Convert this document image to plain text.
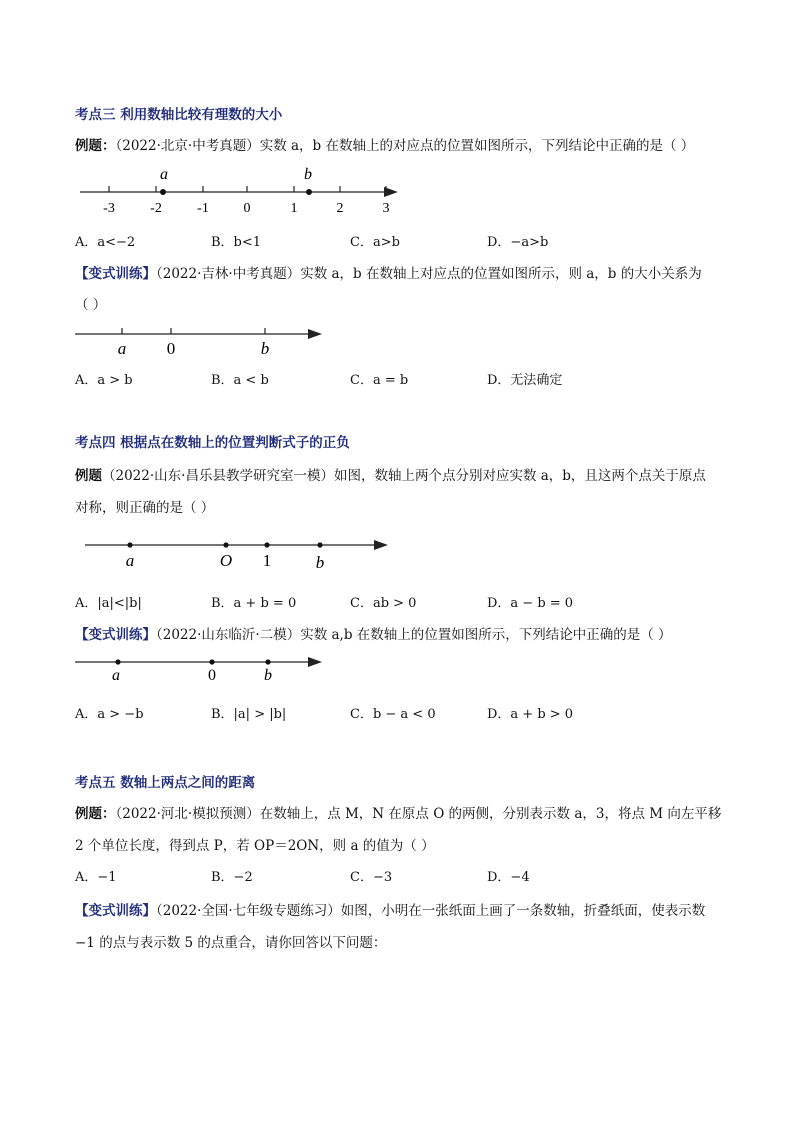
考点三 利用数轴比较有理数的大小
例题：（2022·北京·中考真题）实数 a，b 在数轴上的对应点的位置如图所示，下列结论中正确的是（ ）
a	b
-3	-2	-1 0	1	2	3
A．a<−2	B．b<1	C．a>b	D．−a>b
【变式训练】（2022·吉林·中考真题）实数 a，b 在数轴上对应点的位置如图所示，则 a，b 的大小关系为
（ ）
a 0	b
A．a > b	B．a < b	C．a = b	D．无法确定
考点四 根据点在数轴上的位置判断式子的正负
例题（2022·山东·昌乐县教学研究室一模）如图，数轴上两个点分别对应实数 a，b，且这两个点关于原点
对称，则正确的是（ ）
a	O 1	b
A．|a|<|b|	B．a + b = 0	C．ab > 0	D．a − b = 0
【变式训练】（2022·山东临沂·二模）实数 a,b 在数轴上的位置如图所示，下列结论中正确的是（ ）
a	0	b
A．a > −b	B．|a| > |b|	C．b − a < 0	D．a + b > 0
考点五 数轴上两点之间的距离
例题：（2022·河北·模拟预测）在数轴上，点 M，N 在原点 O 的两侧，分别表示数 a，3，将点 M 向左平移
2 个单位长度，得到点 P，若 OP＝2ON，则 a 的值为（ ）
A．−1	B．−2	C．−3	D．−4
【变式训练】（2022·全国·七年级专题练习）如图，小明在一张纸面上画了一条数轴，折叠纸面，使表示数
−1 的点与表示数 5 的点重合，请你回答以下问题：
